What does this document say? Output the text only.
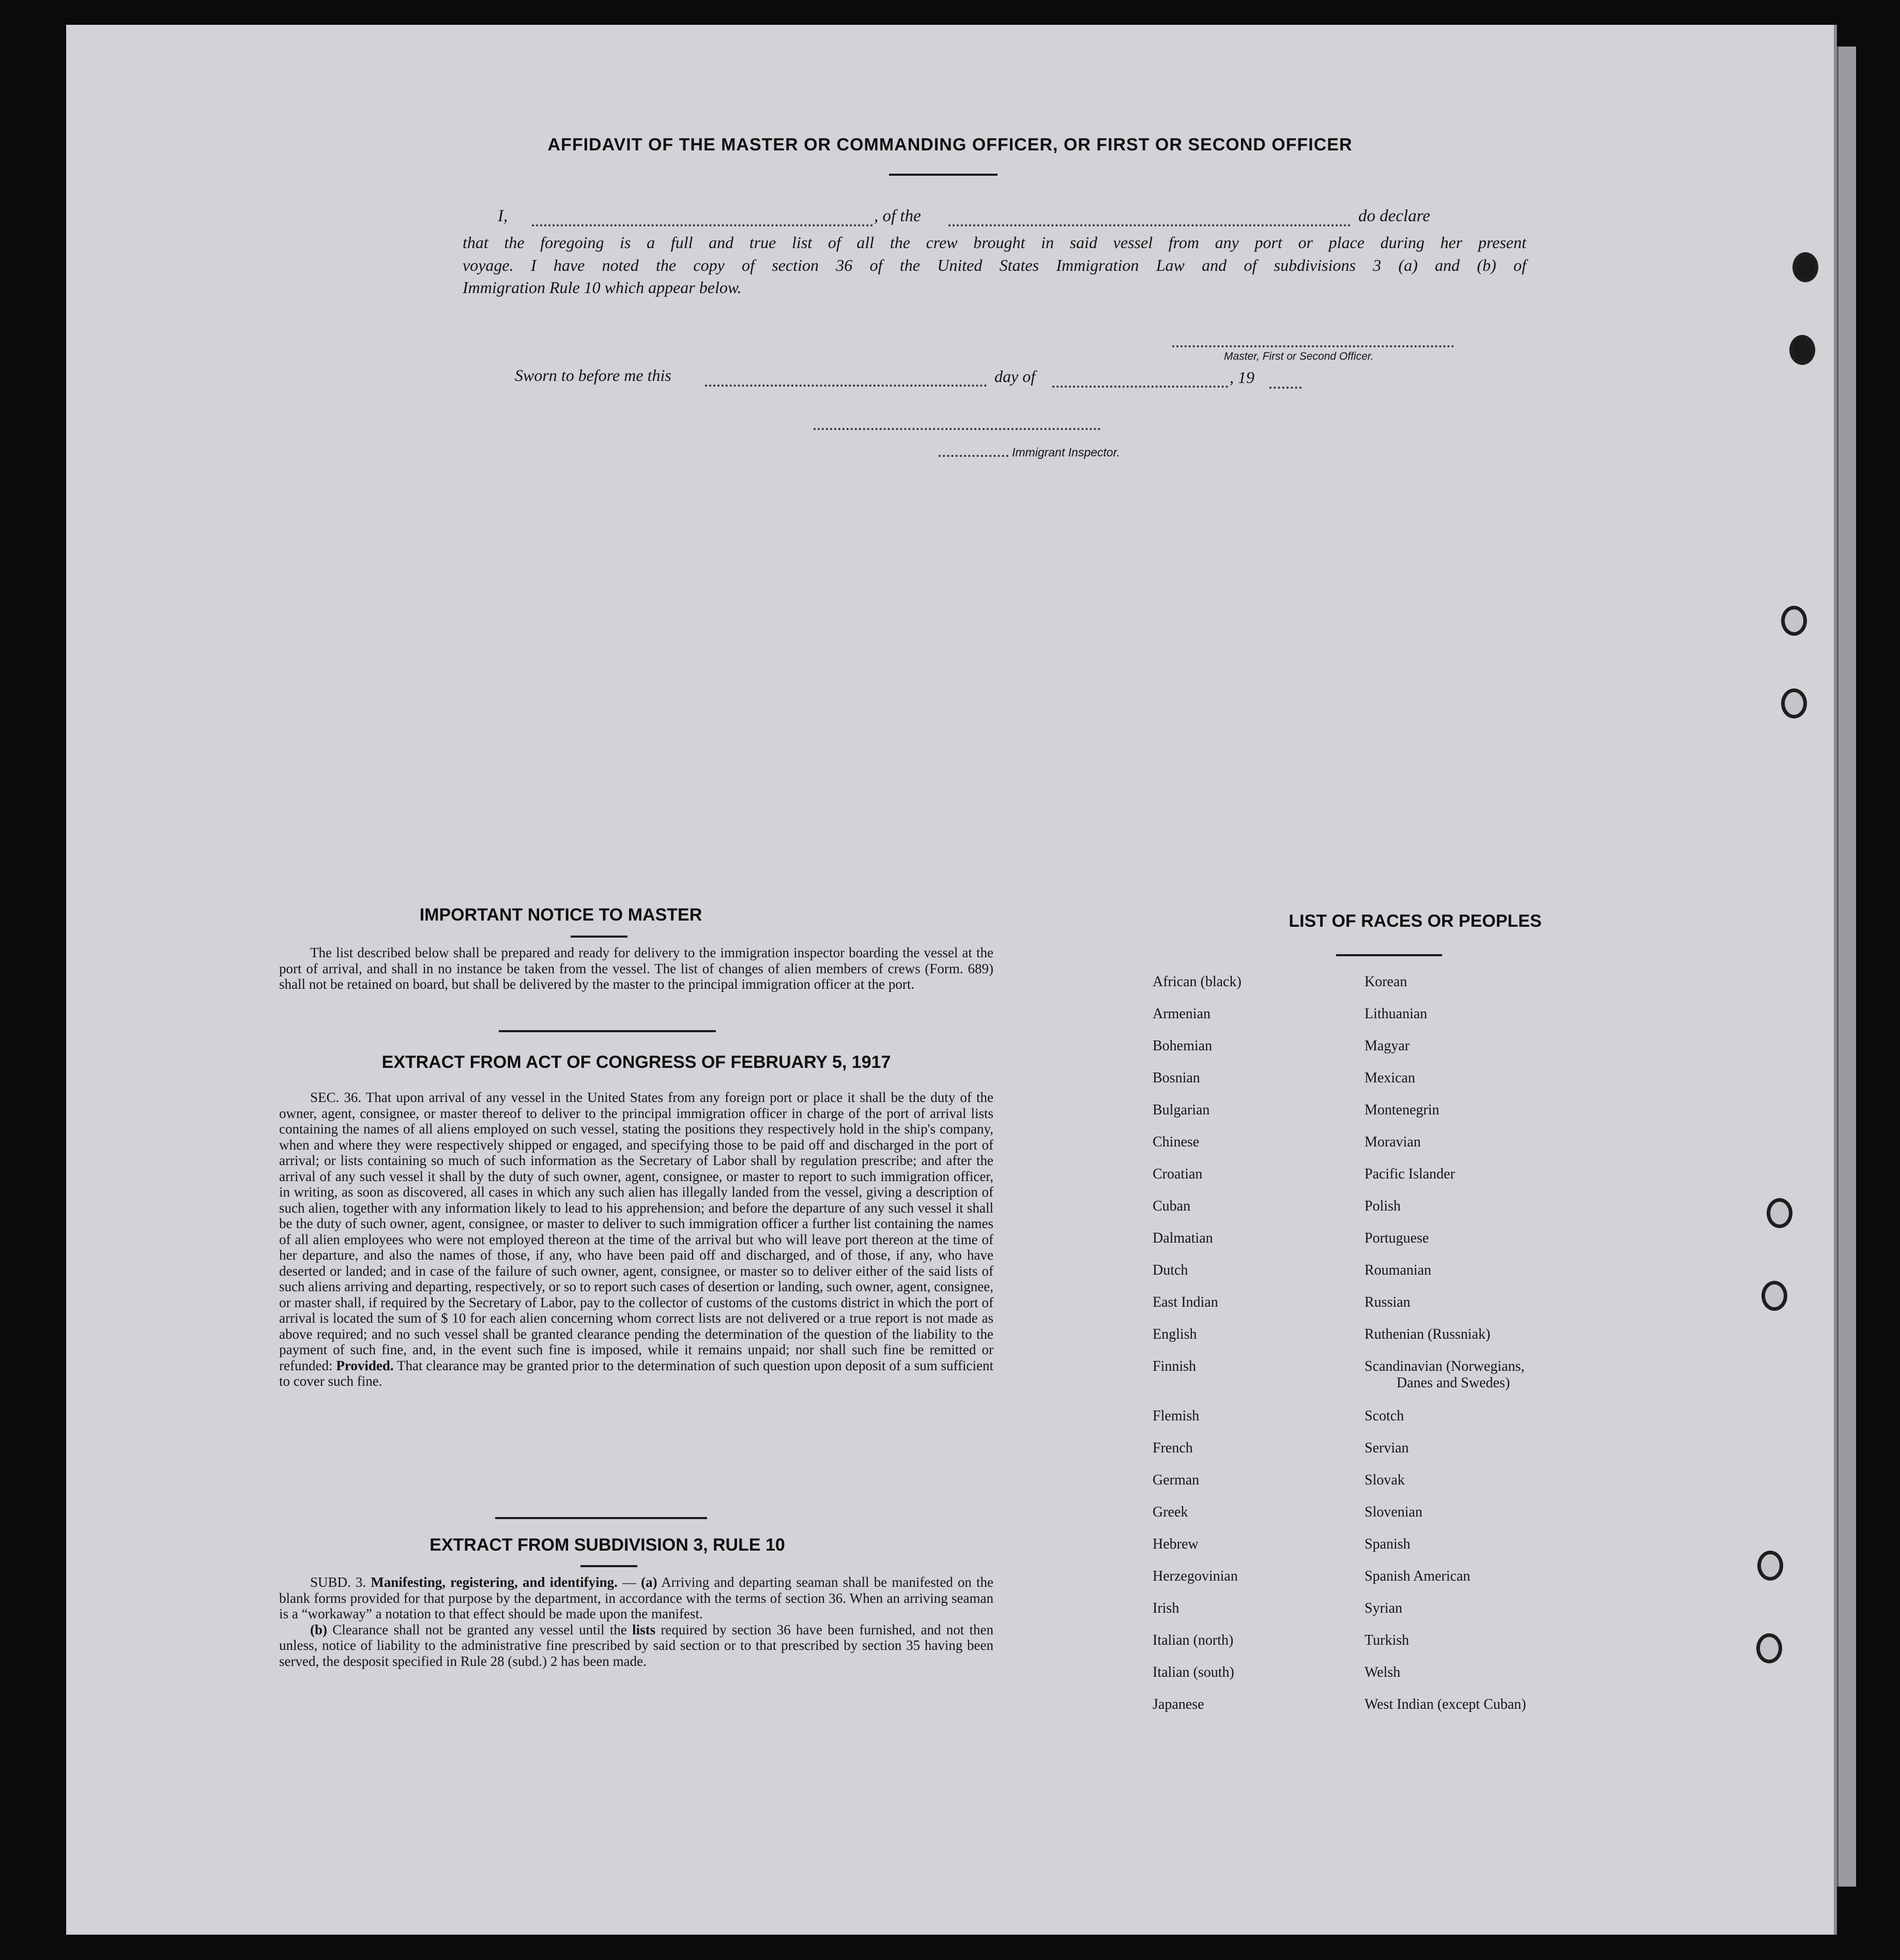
AFFIDAVIT OF THE MASTER OR COMMANDING OFFICER, OR FIRST OR SECOND OFFICER
I,	, of the	do declare
that the foregoing is a full and true list of all the crew brought in said vessel from any port or place during her present
voyage. I have noted the copy of section 36 of the United States Immigration Law and of subdivisions 3 (a) and (b) of
Immigration Rule 10 which appear below.
Master, First or Second Officer.
Sworn to before me this	day of	, 19
Immigrant Inspector.
IMPORTANT NOTICE TO MASTER

The list described below shall be prepared and ready for delivery to the immigration inspector boarding the vessel at the port of arrival, and shall in no instance be taken from the vessel. The list of changes of alien members of crews (Form. 689) shall not be retained on board, but shall be delivered by the master to the principal immigration officer at the port.

EXTRACT FROM ACT OF CONGRESS OF FEBRUARY 5, 1917

SEC. 36. That upon arrival of any vessel in the United States from any foreign port or place it shall be the duty of the owner, agent, consignee, or master thereof to deliver to the principal immigration officer in charge of the port of arrival lists containing the names of all aliens employed on such vessel, stating the positions they respectively hold in the ship's company, when and where they were respectively shipped or engaged, and specifying those to be paid off and discharged in the port of arrival; or lists containing so much of such information as the Secretary of Labor shall by regulation prescribe; and after the arrival of any such vessel it shall by the duty of such owner, agent, consignee, or master to report to such immigration officer, in writing, as soon as discovered, all cases in which any such alien has illegally landed from the vessel, giving a description of such alien, together with any information likely to lead to his apprehension; and before the departure of any such vessel it shall be the duty of such owner, agent, consignee, or master to deliver to such immigration officer a further list containing the names of all alien employees who were not employed thereon at the time of the arrival but who will leave port thereon at the time of her departure, and also the names of those, if any, who have been paid off and discharged, and of those, if any, who have deserted or landed; and in case of the failure of such owner, agent, consignee, or master so to deliver either of the said lists of such aliens arriving and departing, respectively, or so to report such cases of desertion or landing, such owner, agent, consignee, or master shall, if required by the Secretary of Labor, pay to the collector of customs of the customs district in which the port of arrival is located the sum of $ 10 for each alien concerning whom correct lists are not delivered or a true report is not made as above required; and no such vessel shall be granted clearance pending the determination of the question of the liability to the payment of such fine, and, in the event such fine is imposed, while it remains unpaid; nor shall such fine be remitted or refunded: Provided. That clearance may be granted prior to the determination of such question upon deposit of a sum sufficient to cover such fine.

EXTRACT FROM SUBDIVISION 3, RULE 10

SUBD. 3. Manifesting, registering, and identifying. — (a) Arriving and departing seaman shall be manifested on the blank forms provided for that purpose by the department, in accordance with the terms of section 36. When an arriving seaman is a “workaway” a notation to that effect should be made upon the manifest.

(b) Clearance shall not be granted any vessel until the lists required by section 36 have been furnished, and not then unless, notice of liability to the administrative fine prescribed by said section or to that prescribed by section 35 having been served, the desposit specified in Rule 28 (subd.) 2 has been made.

LIST OF RACES OR PEOPLES
African (black)	Korean
Armenian	Lithuanian
Bohemian	Magyar
Bosnian	Mexican
Bulgarian	Montenegrin
Chinese	Moravian
Croatian	Pacific Islander
Cuban	Polish
Dalmatian	Portuguese
Dutch	Roumanian
East Indian	Russian
English	Ruthenian (Russniak)
Finnish	Scandinavian (Norwegians,
Danes and Swedes)
Flemish	Scotch
French	Servian
German	Slovak
Greek	Slovenian
Hebrew	Spanish
Herzegovinian	Spanish American
Irish	Syrian
Italian (north)	Turkish
Italian (south)	Welsh
Japanese	West Indian (except Cuban)
